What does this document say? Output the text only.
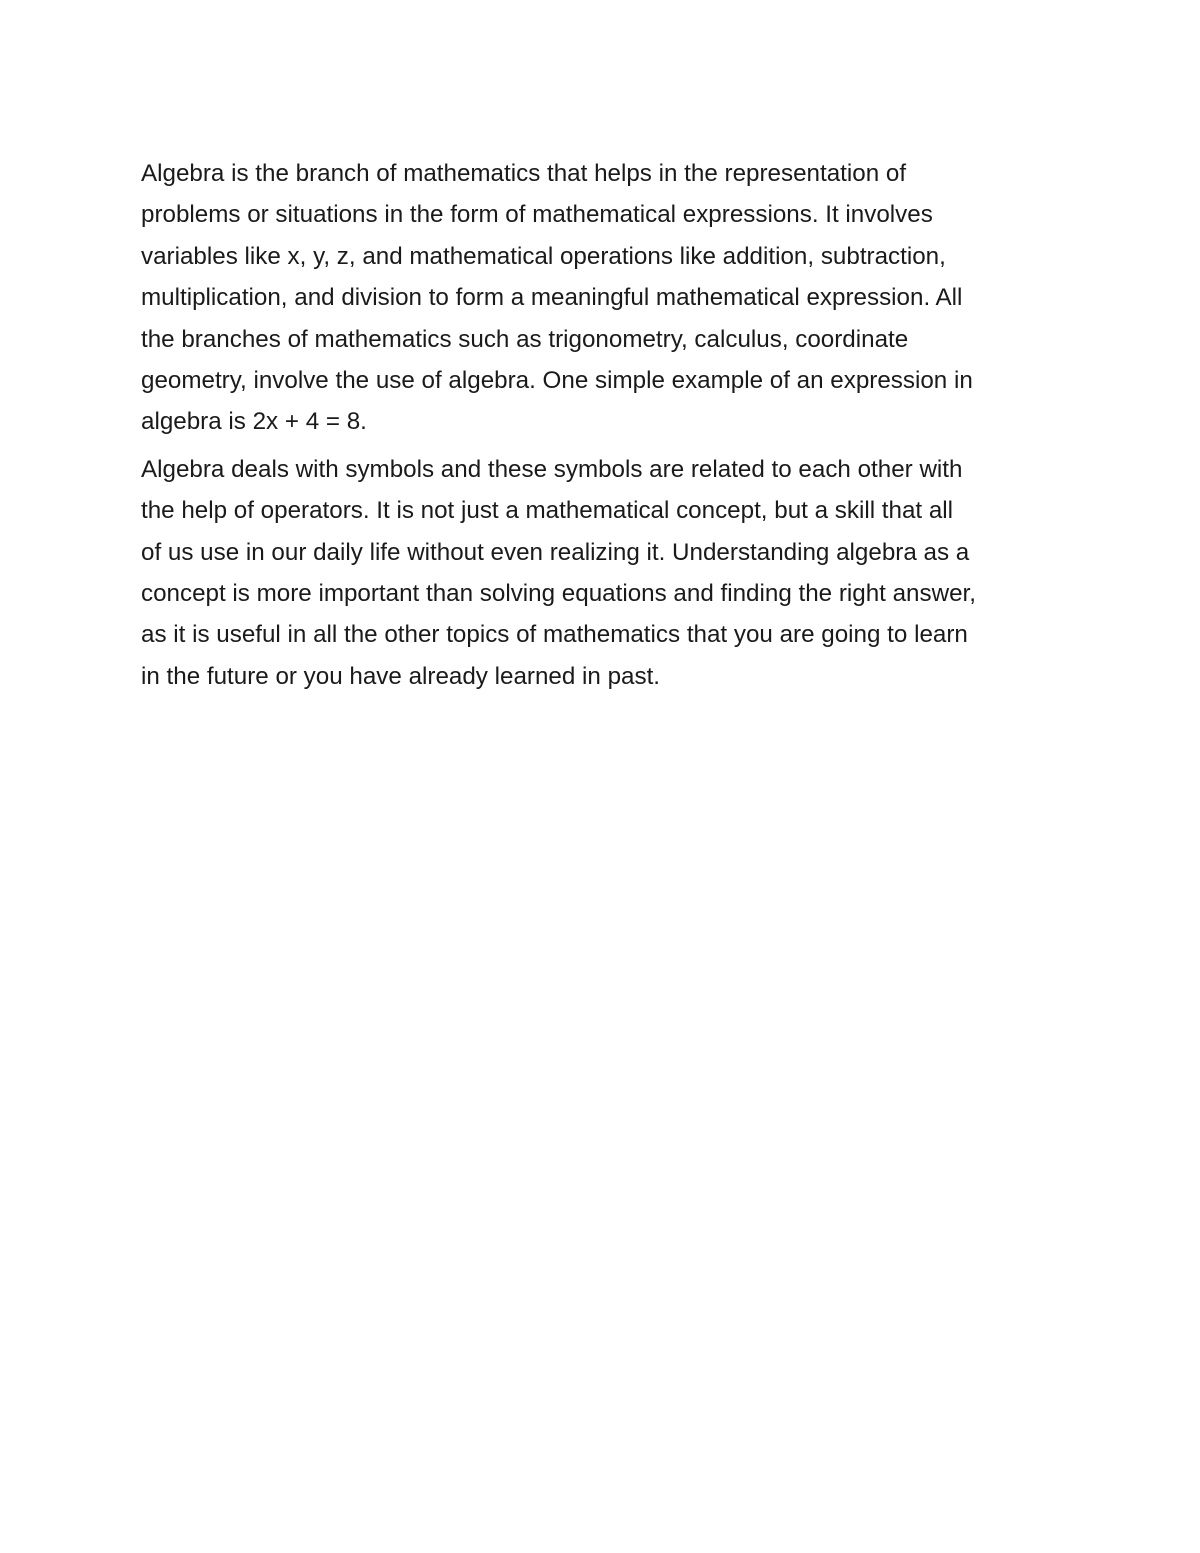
Algebra is the branch of mathematics that helps in the representation of
problems or situations in the form of mathematical expressions. It involves
variables like x, y, z, and mathematical operations like addition, subtraction,
multiplication, and division to form a meaningful mathematical expression. All
the branches of mathematics such as trigonometry, calculus, coordinate
geometry, involve the use of algebra. One simple example of an expression in
algebra is 2x + 4 = 8.

Algebra deals with symbols and these symbols are related to each other with
the help of operators. It is not just a mathematical concept, but a skill that all
of us use in our daily life without even realizing it. Understanding algebra as a
concept is more important than solving equations and finding the right answer,
as it is useful in all the other topics of mathematics that you are going to learn
in the future or you have already learned in past.
